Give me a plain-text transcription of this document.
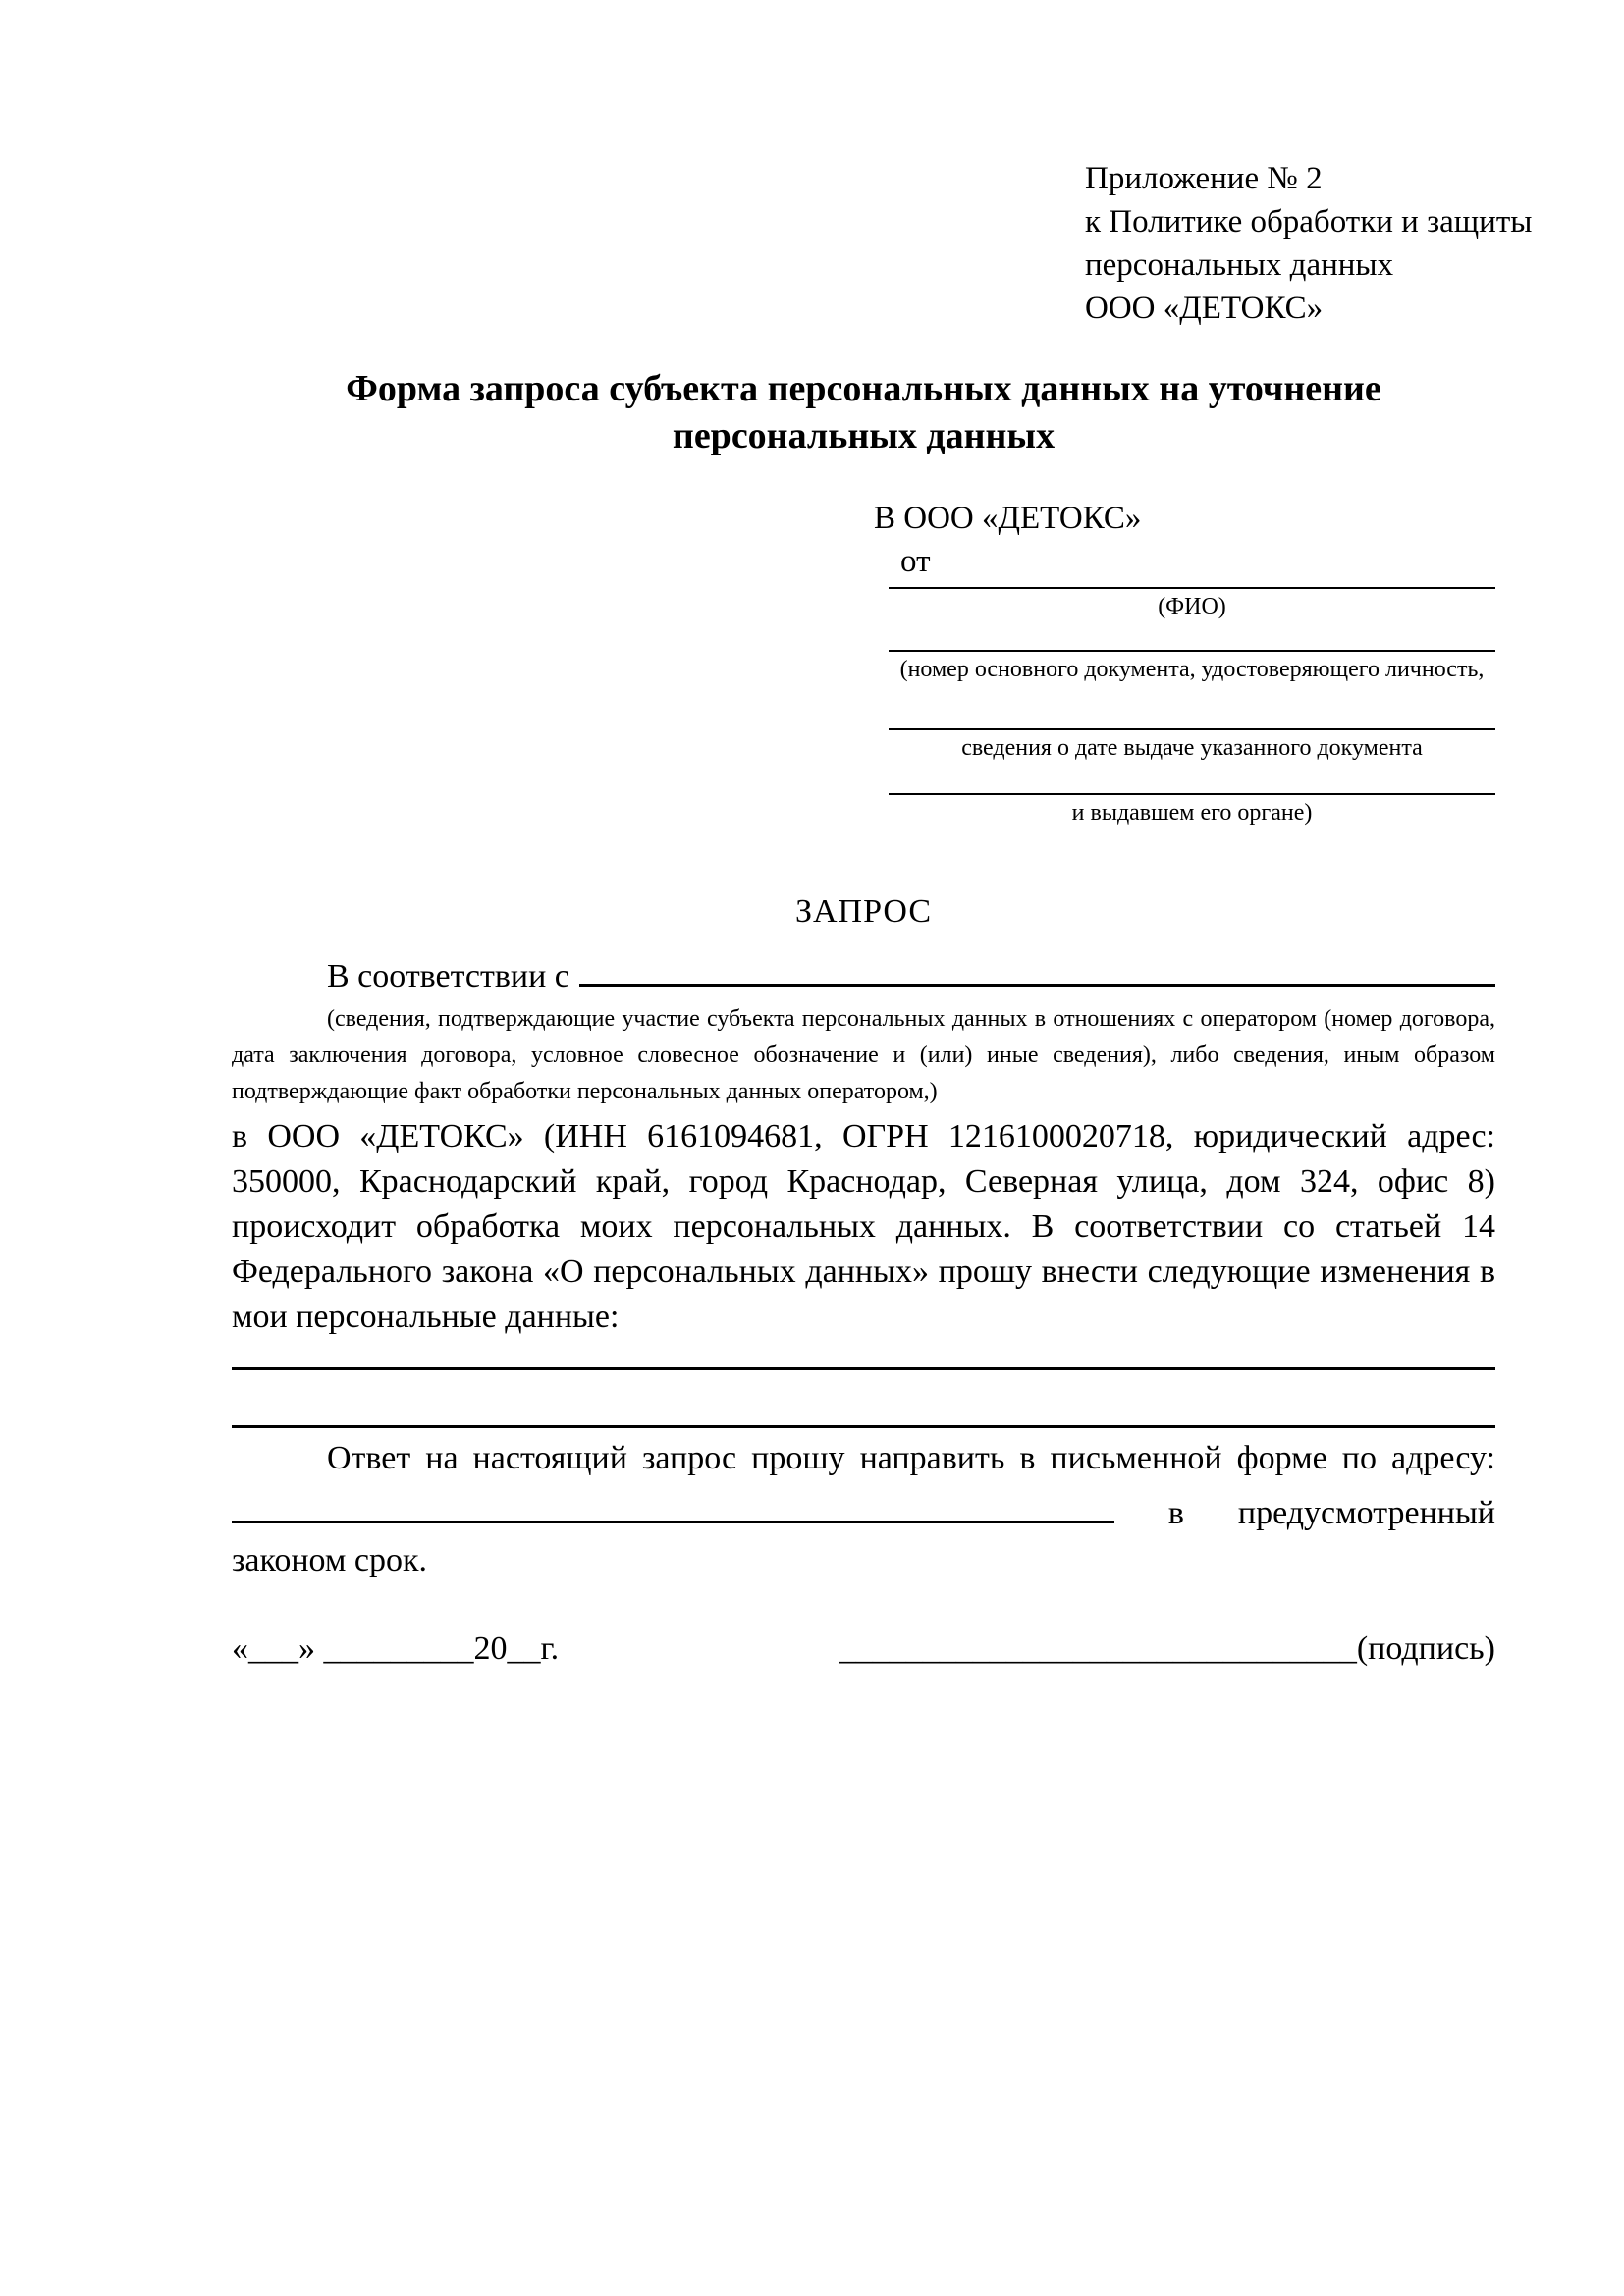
Приложение № 2
к Политике обработки и защиты
персональных данных
ООО «ДЕТОКС»
Форма запроса субъекта персональных данных на уточнение персональных данных
В ООО «ДЕТОКС»
от
(ФИО)
(номер основного документа, удостоверяющего личность,
сведения о дате выдаче указанного документа
и выдавшем его органе)
ЗАПРОС
В соответствии с
(сведения, подтверждающие участие субъекта персональных данных в отношениях с оператором (номер договора, дата заключения договора, условное словесное обозначение и (или) иные сведения), либо сведения, иным образом подтверждающие факт обработки персональных данных оператором,)
в ООО «ДЕТОКС» (ИНН 6161094681, ОГРН 1216100020718, юридический адрес: 350000, Краснодарский край, город Краснодар, Северная улица, дом 324, офис 8) происходит обработка моих персональных данных. В соответствии со статьей 14 Федерального закона «О персональных данных» прошу внести следующие изменения в мои персональные данные:
Ответ на настоящий запрос прошу направить в письменной форме по адресу:
в предусмотренный
законом срок.
«___» _________20__г.	_______________________________(подпись)
